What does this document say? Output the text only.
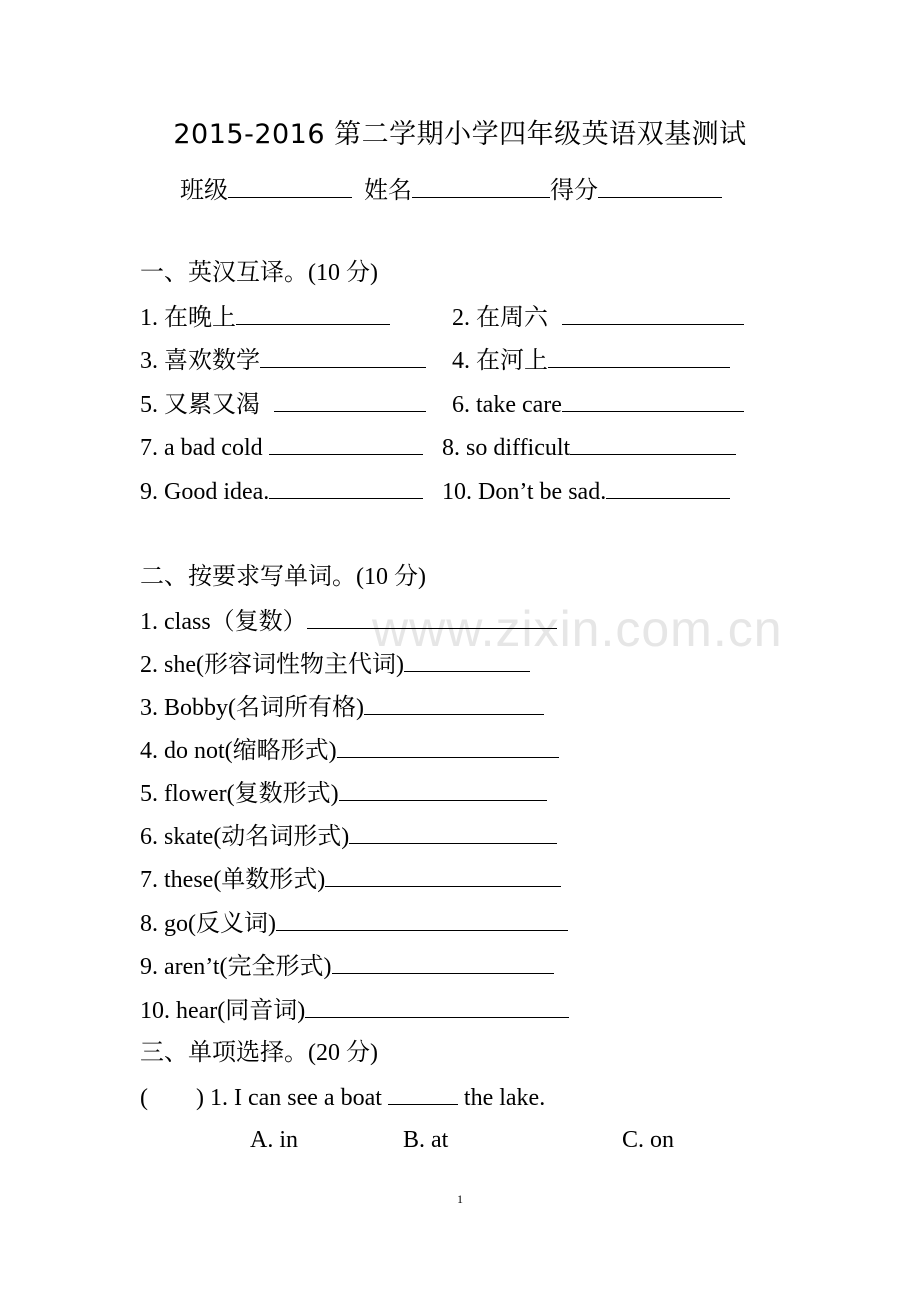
2015-2016 第二学期小学四年级英语双基测试
班级	姓名	得分
www.zixin.com.cn
一、英汉互译。(10 分)
1. 在晚上	2. 在周六
3. 喜欢数学	4. 在河上
5. 又累又渴	6. take care
7. a bad cold	8. so difficult
9. Good idea.	10. Don’t be sad.
二、按要求写单词。(10 分)
1. class（复数）
2. she(形容词性物主代词)
3. Bobby(名词所有格)
4. do not(缩略形式)
5. flower(复数形式)
6. skate(动名词形式)
7. these(单数形式)
8. go(反义词)
9. aren’t(完全形式)
10. hear(同音词)
三、单项选择。(20 分)
(        ) 1. I can see a boat	the lake.
A. in	B. at	C. on
1
